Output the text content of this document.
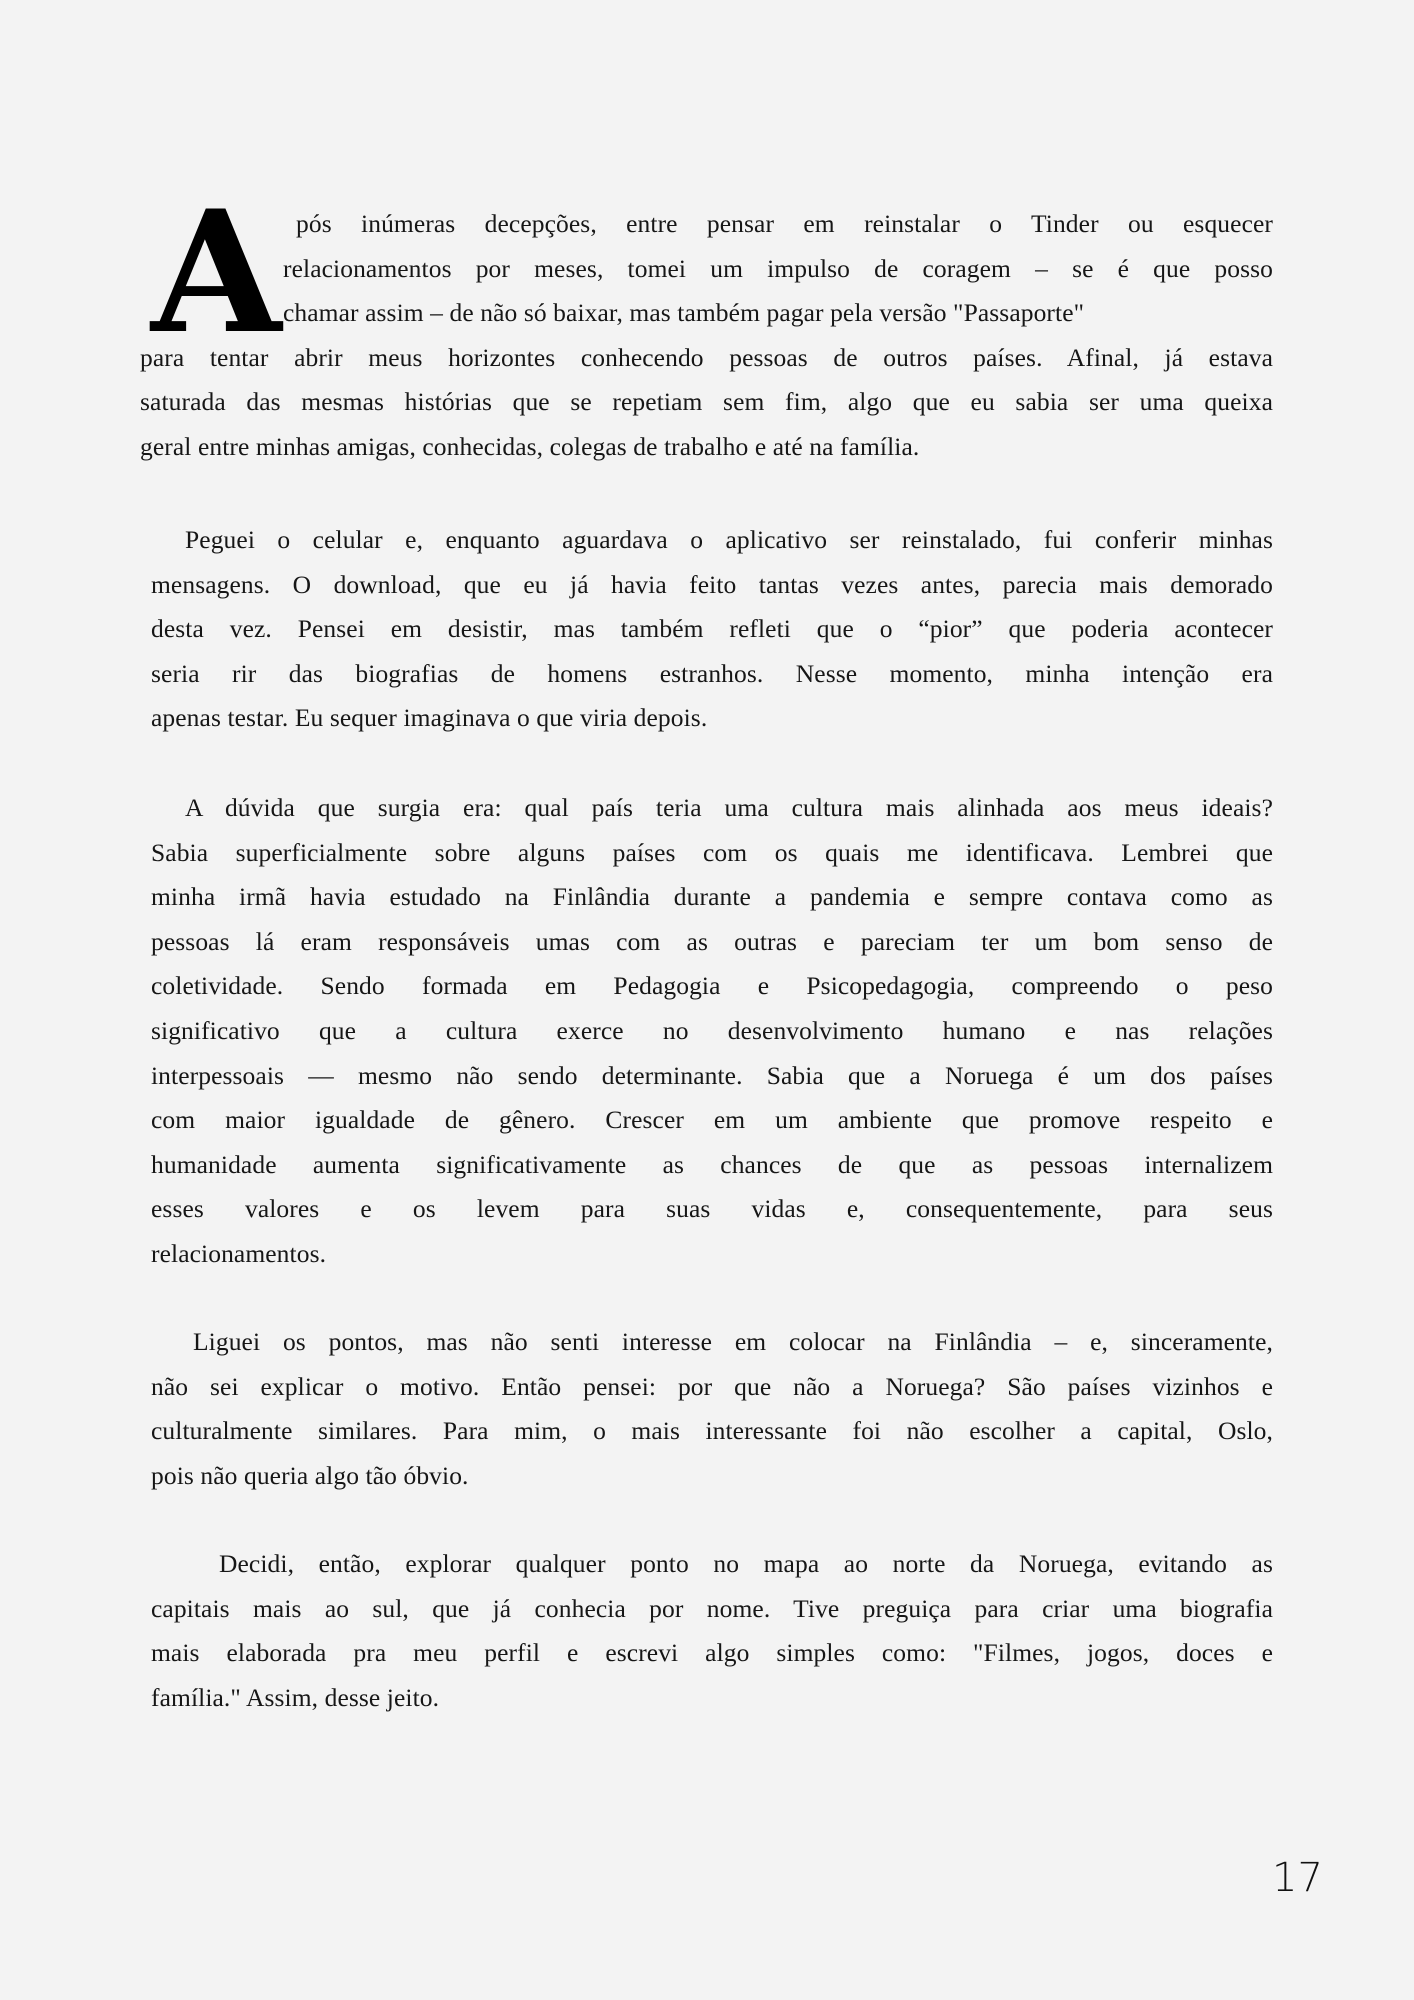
A pós inúmeras decepções, entre pensar em reinstalar o Tinder ou esquecer
relacionamentos por meses, tomei um impulso de coragem – se é que posso
chamar assim – de não só baixar, mas também pagar pela versão "Passaporte"
para tentar abrir meus horizontes conhecendo pessoas de outros países. Afinal, já estava
saturada das mesmas histórias que se repetiam sem fim, algo que eu sabia ser uma queixa
geral entre minhas amigas, conhecidas, colegas de trabalho e até na família.
Peguei o celular e, enquanto aguardava o aplicativo ser reinstalado, fui conferir minhas
mensagens. O download, que eu já havia feito tantas vezes antes, parecia mais demorado
desta vez. Pensei em desistir, mas também refleti que o “pior” que poderia acontecer
seria rir das biografias de homens estranhos. Nesse momento, minha intenção era
apenas testar. Eu sequer imaginava o que viria depois.
A dúvida que surgia era: qual país teria uma cultura mais alinhada aos meus ideais?
Sabia superficialmente sobre alguns países com os quais me identificava. Lembrei que
minha irmã havia estudado na Finlândia durante a pandemia e sempre contava como as
pessoas lá eram responsáveis umas com as outras e pareciam ter um bom senso de
coletividade. Sendo formada em Pedagogia e Psicopedagogia, compreendo o peso
significativo que a cultura exerce no desenvolvimento humano e nas relações
interpessoais — mesmo não sendo determinante. Sabia que a Noruega é um dos países
com maior igualdade de gênero. Crescer em um ambiente que promove respeito e
humanidade aumenta significativamente as chances de que as pessoas internalizem
esses valores e os levem para suas vidas e, consequentemente, para seus
relacionamentos.
Liguei os pontos, mas não senti interesse em colocar na Finlândia – e, sinceramente,
não sei explicar o motivo. Então pensei: por que não a Noruega? São países vizinhos e
culturalmente similares. Para mim, o mais interessante foi não escolher a capital, Oslo,
pois não queria algo tão óbvio.
Decidi, então, explorar qualquer ponto no mapa ao norte da Noruega, evitando as
capitais mais ao sul, que já conhecia por nome. Tive preguiça para criar uma biografia
mais elaborada pra meu perfil e escrevi algo simples como: "Filmes, jogos, doces e
família." Assim, desse jeito.
17
